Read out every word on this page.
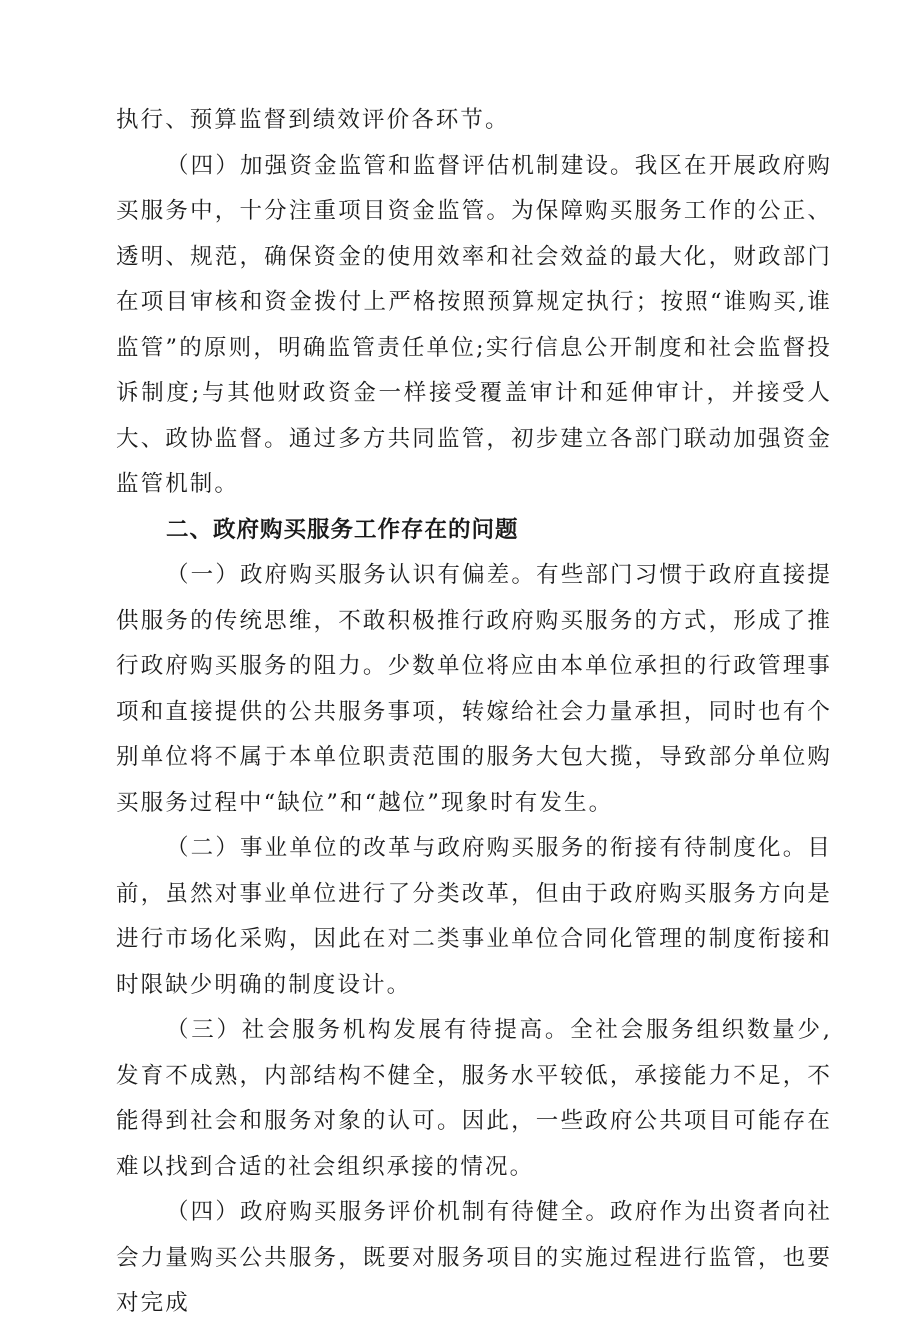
执行、预算监督到绩效评价各环节。

（四）加强资金监管和监督评估机制建设。我区在开展政府购买服务中，十分注重项目资金监管。为保障购买服务工作的公正、透明、规范，确保资金的使用效率和社会效益的最大化，财政部门在项目审核和资金拨付上严格按照预算规定执行；按照“谁购买,谁监管”的原则，明确监管责任单位;实行信息公开制度和社会监督投诉制度;与其他财政资金一样接受覆盖审计和延伸审计，并接受人大、政协监督。通过多方共同监管，初步建立各部门联动加强资金监管机制。

二、政府购买服务工作存在的问题

（一）政府购买服务认识有偏差。有些部门习惯于政府直接提供服务的传统思维，不敢积极推行政府购买服务的方式，形成了推行政府购买服务的阻力。少数单位将应由本单位承担的行政管理事项和直接提供的公共服务事项，转嫁给社会力量承担，同时也有个别单位将不属于本单位职责范围的服务大包大揽，导致部分单位购买服务过程中“缺位”和“越位”现象时有发生。

（二）事业单位的改革与政府购买服务的衔接有待制度化。目前，虽然对事业单位进行了分类改革，但由于政府购买服务方向是进行市场化采购，因此在对二类事业单位合同化管理的制度衔接和时限缺少明确的制度设计。

（三）社会服务机构发展有待提高。全社会服务组织数量少,发育不成熟，内部结构不健全，服务水平较低，承接能力不足，不能得到社会和服务对象的认可。因此，一些政府公共项目可能存在难以找到合适的社会组织承接的情况。

（四）政府购买服务评价机制有待健全。政府作为出资者向社会力量购买公共服务，既要对服务项目的实施过程进行监管，也要对完成
